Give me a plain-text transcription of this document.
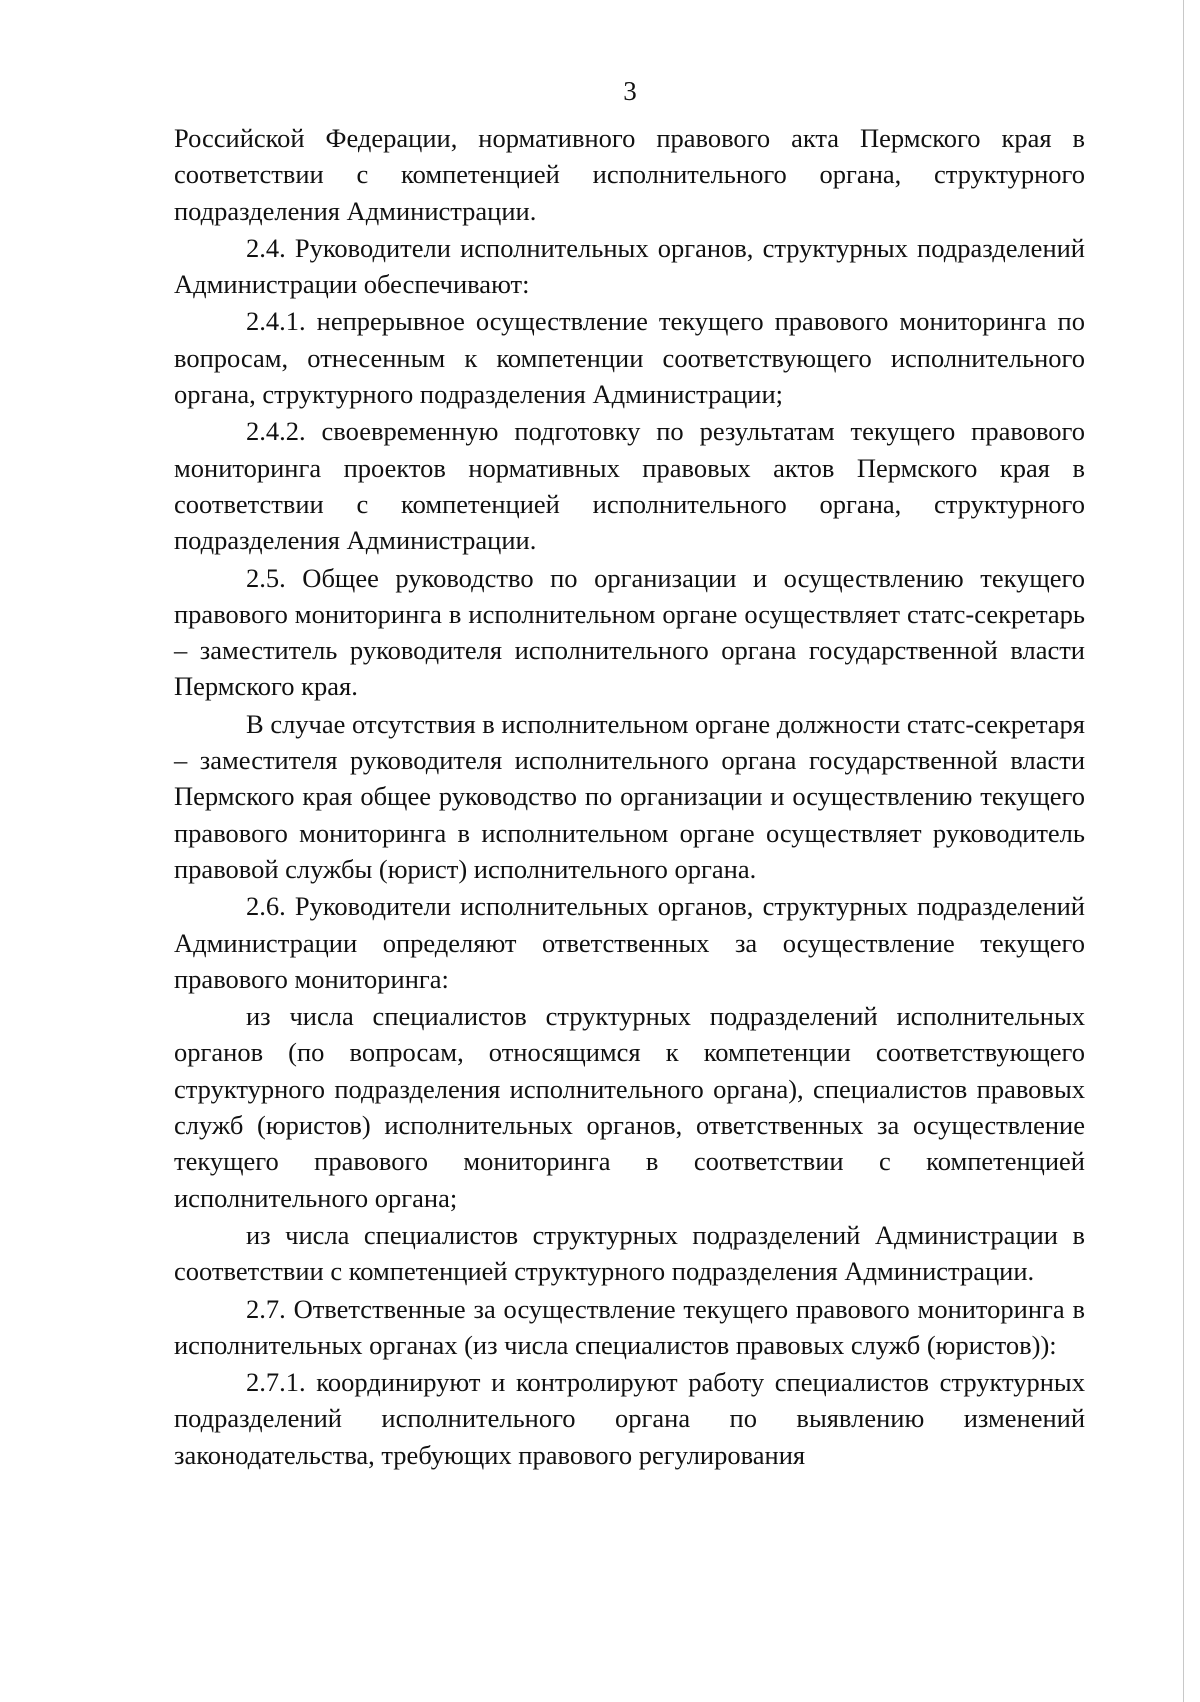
3

Российской Федерации, нормативного правового акта Пермского края в соответствии с компетенцией исполнительного органа, структурного подразделения Администрации.

2.4. Руководители исполнительных органов, структурных подразделений Администрации обеспечивают:

2.4.1. непрерывное осуществление текущего правового мониторинга по вопросам, отнесенным к компетенции соответствующего исполнительного органа, структурного подразделения Администрации;

2.4.2. своевременную подготовку по результатам текущего правового мониторинга проектов нормативных правовых актов Пермского края в соответствии с компетенцией исполнительного органа, структурного подразделения Администрации.

2.5. Общее руководство по организации и осуществлению текущего правового мониторинга в исполнительном органе осуществляет статс-секретарь – заместитель руководителя исполнительного органа государственной власти Пермского края.

В случае отсутствия в исполнительном органе должности статс-секретаря – заместителя руководителя исполнительного органа государственной власти Пермского края общее руководство по организации и осуществлению текущего правового мониторинга в исполнительном органе осуществляет руководитель правовой службы (юрист) исполнительного органа.

2.6. Руководители исполнительных органов, структурных подразделений Администрации определяют ответственных за осуществление текущего правового мониторинга:

из числа специалистов структурных подразделений исполнительных органов (по вопросам, относящимся к компетенции соответствующего структурного подразделения исполнительного органа), специалистов правовых служб (юристов) исполнительных органов, ответственных за осуществление текущего правового мониторинга в соответствии с компетенцией исполнительного органа;

из числа специалистов структурных подразделений Администрации в соответствии с компетенцией структурного подразделения Администрации.

2.7. Ответственные за осуществление текущего правового мониторинга в исполнительных органах (из числа специалистов правовых служб (юристов)):

2.7.1. координируют и контролируют работу специалистов структурных подразделений исполнительного органа по выявлению изменений законодательства, требующих правового регулирования
